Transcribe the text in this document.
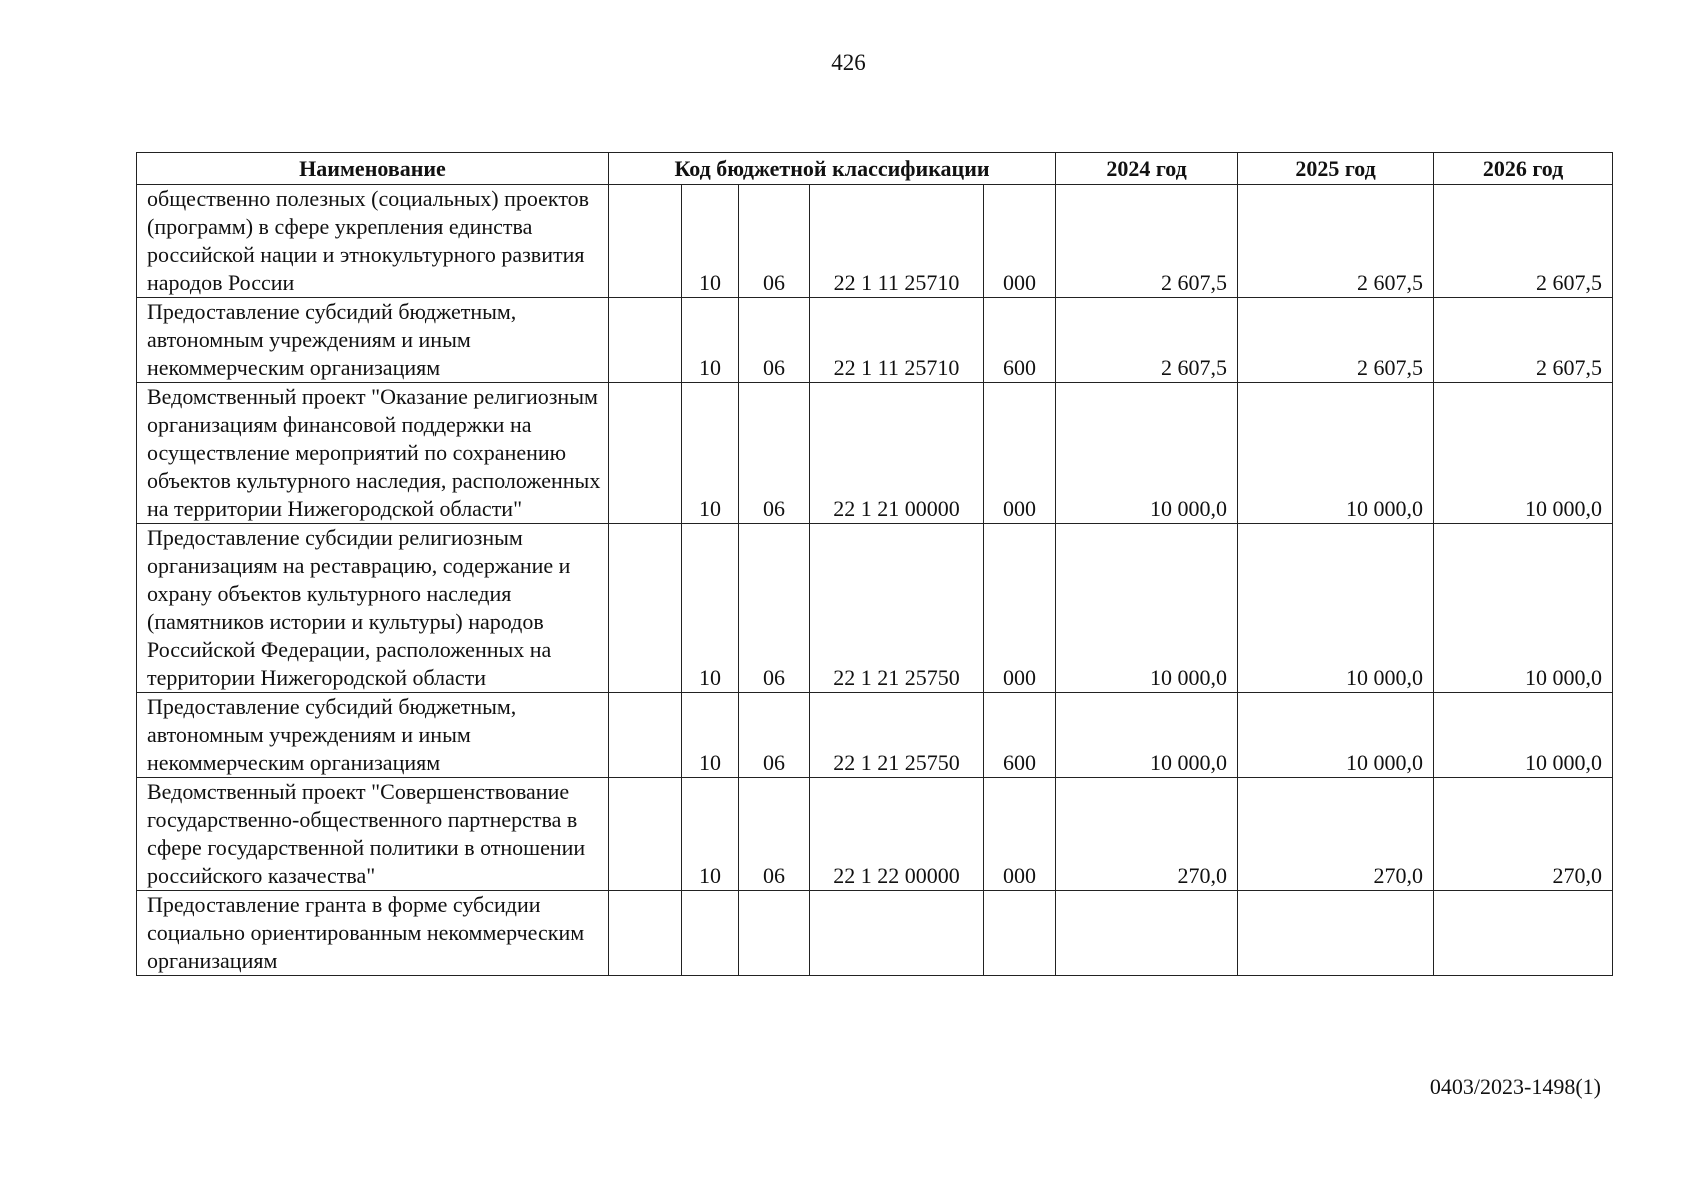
426
Наименование	Код бюджетной классификации					2024 год	2025 год	2026 год
общественно полезных (социальных) проектов (программ) в сфере укрепления единства российской нации и этнокультурного развития народов России		10	06	22 1 11 25710	000	2 607,5	2 607,5	2 607,5
Предоставление субсидий бюджетным, автономным учреждениям и иным некоммерческим организациям		10	06	22 1 11 25710	600	2 607,5	2 607,5	2 607,5
Ведомственный проект "Оказание религиозным организациям финансовой поддержки на осуществление мероприятий по сохранению объектов культурного наследия, расположенных на территории Нижегородской области"		10	06	22 1 21 00000	000	10 000,0	10 000,0	10 000,0
Предоставление субсидии религиозным организациям на реставрацию, содержание и охрану объектов культурного наследия (памятников истории и культуры) народов Российской Федерации, расположенных на территории Нижегородской области		10	06	22 1 21 25750	000	10 000,0	10 000,0	10 000,0
Предоставление субсидий бюджетным, автономным учреждениям и иным некоммерческим организациям		10	06	22 1 21 25750	600	10 000,0	10 000,0	10 000,0
Ведомственный проект "Совершенствование государственно-общественного партнерства в сфере государственной политики в отношении российского казачества"		10	06	22 1 22 00000	000	270,0	270,0	270,0
Предоставление гранта в форме субсидии социально ориентированным некоммерческим организациям								
0403/2023-1498(1)
